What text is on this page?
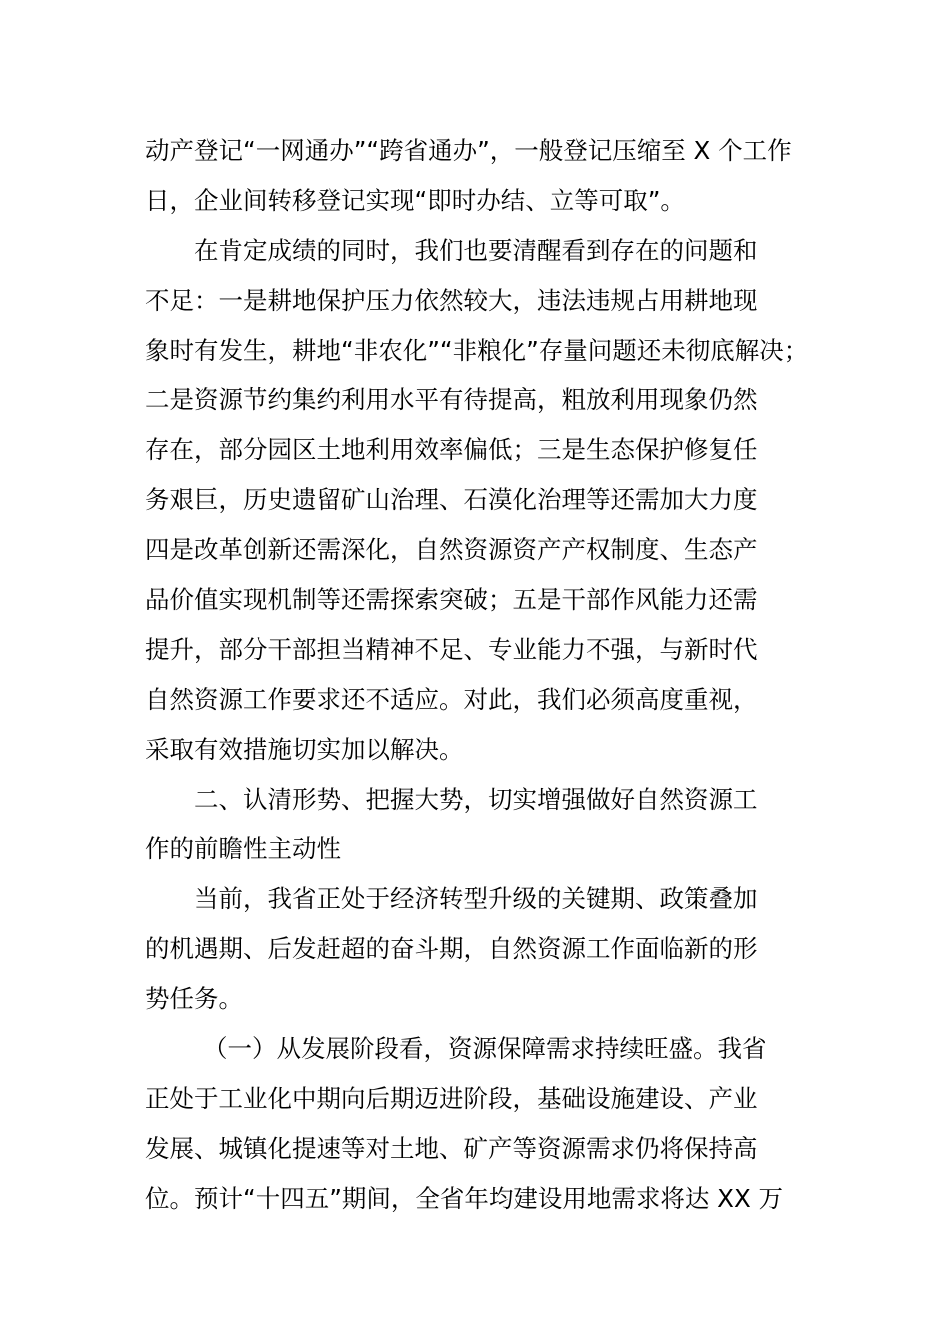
动产登记“一网通办”“跨省通办”，一般登记压缩至 X 个工作
日，企业间转移登记实现“即时办结、立等可取”。
在肯定成绩的同时，我们也要清醒看到存在的问题和
不足：一是耕地保护压力依然较大，违法违规占用耕地现
象时有发生，耕地“非农化”“非粮化”存量问题还未彻底解决；
二是资源节约集约利用水平有待提高，粗放利用现象仍然
存在，部分园区土地利用效率偏低；三是生态保护修复任
务艰巨，历史遗留矿山治理、石漠化治理等还需加大力度
四是改革创新还需深化，自然资源资产产权制度、生态产
品价值实现机制等还需探索突破；五是干部作风能力还需
提升，部分干部担当精神不足、专业能力不强，与新时代
自然资源工作要求还不适应。对此，我们必须高度重视，
采取有效措施切实加以解决。
二、认清形势、把握大势，切实增强做好自然资源工
作的前瞻性主动性
当前，我省正处于经济转型升级的关键期、政策叠加
的机遇期、后发赶超的奋斗期，自然资源工作面临新的形
势任务。
（一）从发展阶段看，资源保障需求持续旺盛。我省
正处于工业化中期向后期迈进阶段，基础设施建设、产业
发展、城镇化提速等对土地、矿产等资源需求仍将保持高
位。预计“十四五”期间，全省年均建设用地需求将达 XX 万
